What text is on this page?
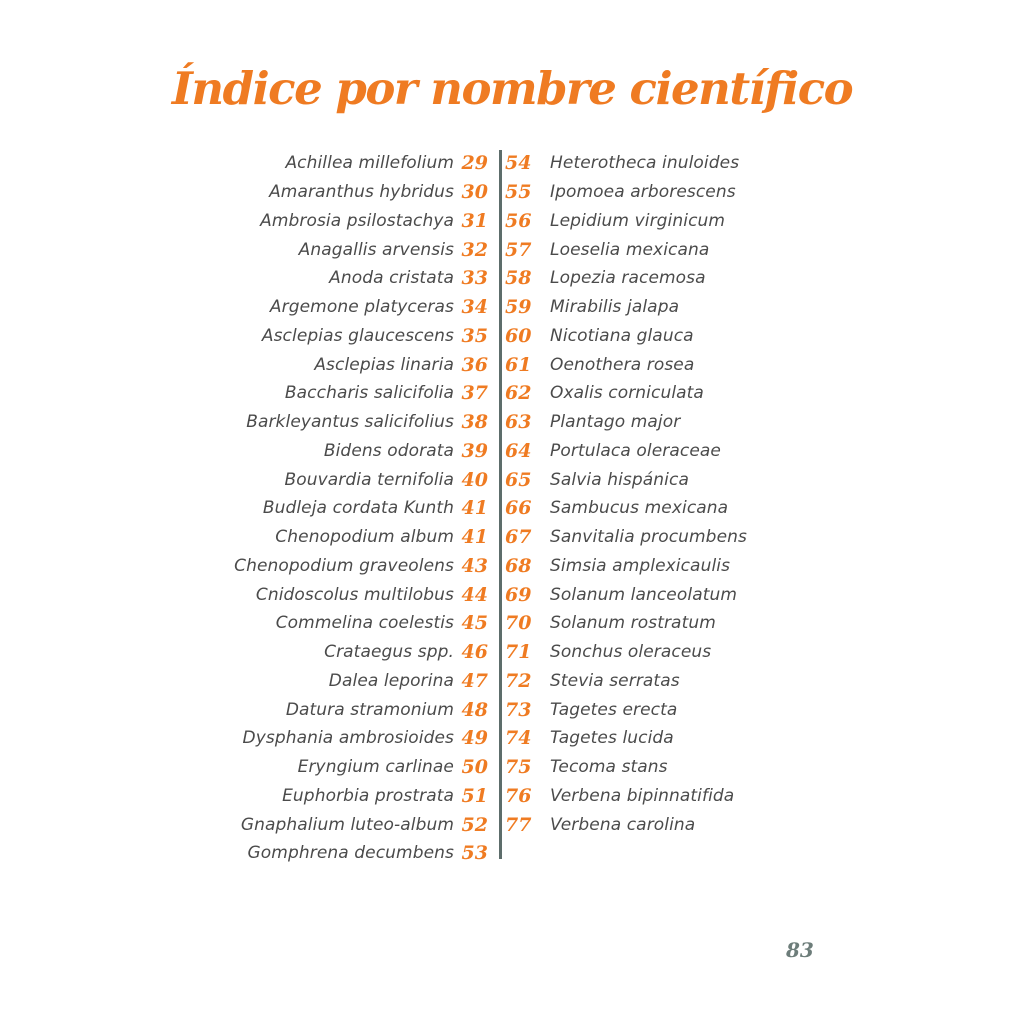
Índice por nombre científico
Achillea millefolium 29
Amaranthus hybridus 30
Ambrosia psilostachya 31
Anagallis arvensis 32
Anoda cristata 33
Argemone platyceras 34
Asclepias glaucescens 35
Asclepias linaria 36
Baccharis salicifolia 37
Barkleyantus salicifolius 38
Bidens odorata 39
Bouvardia ternifolia 40
Budleja cordata Kunth 41
Chenopodium album 41
Chenopodium graveolens 43
Cnidoscolus multilobus 44
Commelina coelestis 45
Crataegus spp. 46
Dalea leporina 47
Datura stramonium 48
Dysphania ambrosioides 49
Eryngium carlinae 50
Euphorbia prostrata 51
Gnaphalium luteo-album 52
Gomphrena decumbens 53
54 Heterotheca inuloides
55 Ipomoea arborescens
56 Lepidium virginicum
57 Loeselia mexicana
58 Lopezia racemosa
59 Mirabilis jalapa
60 Nicotiana glauca
61 Oenothera rosea
62 Oxalis corniculata
63 Plantago major
64 Portulaca oleraceae
65 Salvia hispánica
66 Sambucus mexicana
67 Sanvitalia procumbens
68 Simsia amplexicaulis
69 Solanum lanceolatum
70 Solanum rostratum
71 Sonchus oleraceus
72 Stevia serratas
73 Tagetes erecta
74 Tagetes lucida
75 Tecoma stans
76 Verbena bipinnatifida
77 Verbena carolina
83
